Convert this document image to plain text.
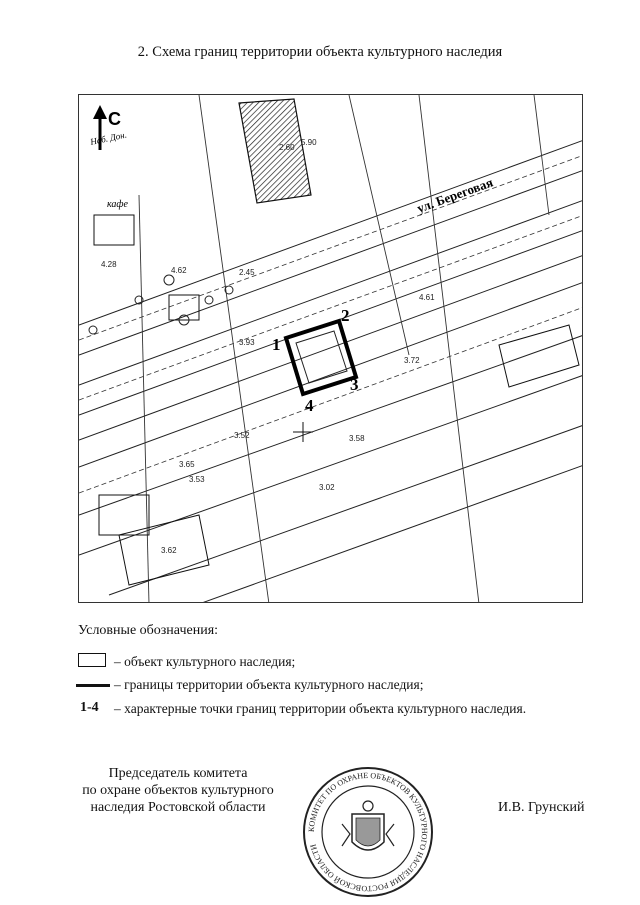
2. Схема границ территории объекта культурного наследия
1
2
3
4
С
Наб. Дон.
ул. Береговая
кафе
4.28
2.60
3.52
3.65
3.58
3.02
3.72
3.93
5.90
2.45
4.61
3.53
3.62
4.62
Условные обозначения:
– объект культурного наследия;
– границы территории объекта культурного наследия;
1-4 – характерные точки границ территории объекта культурного наследия.
Председатель комитета
по охране объектов культурного
наследия Ростовской области
КОМИТЕТ ПО ОХРАНЕ ОБЪЕКТОВ КУЛЬТУРНОГО НАСЛЕДИЯ РОСТОВСКОЙ ОБЛАСТИ
И.В. Грунский
